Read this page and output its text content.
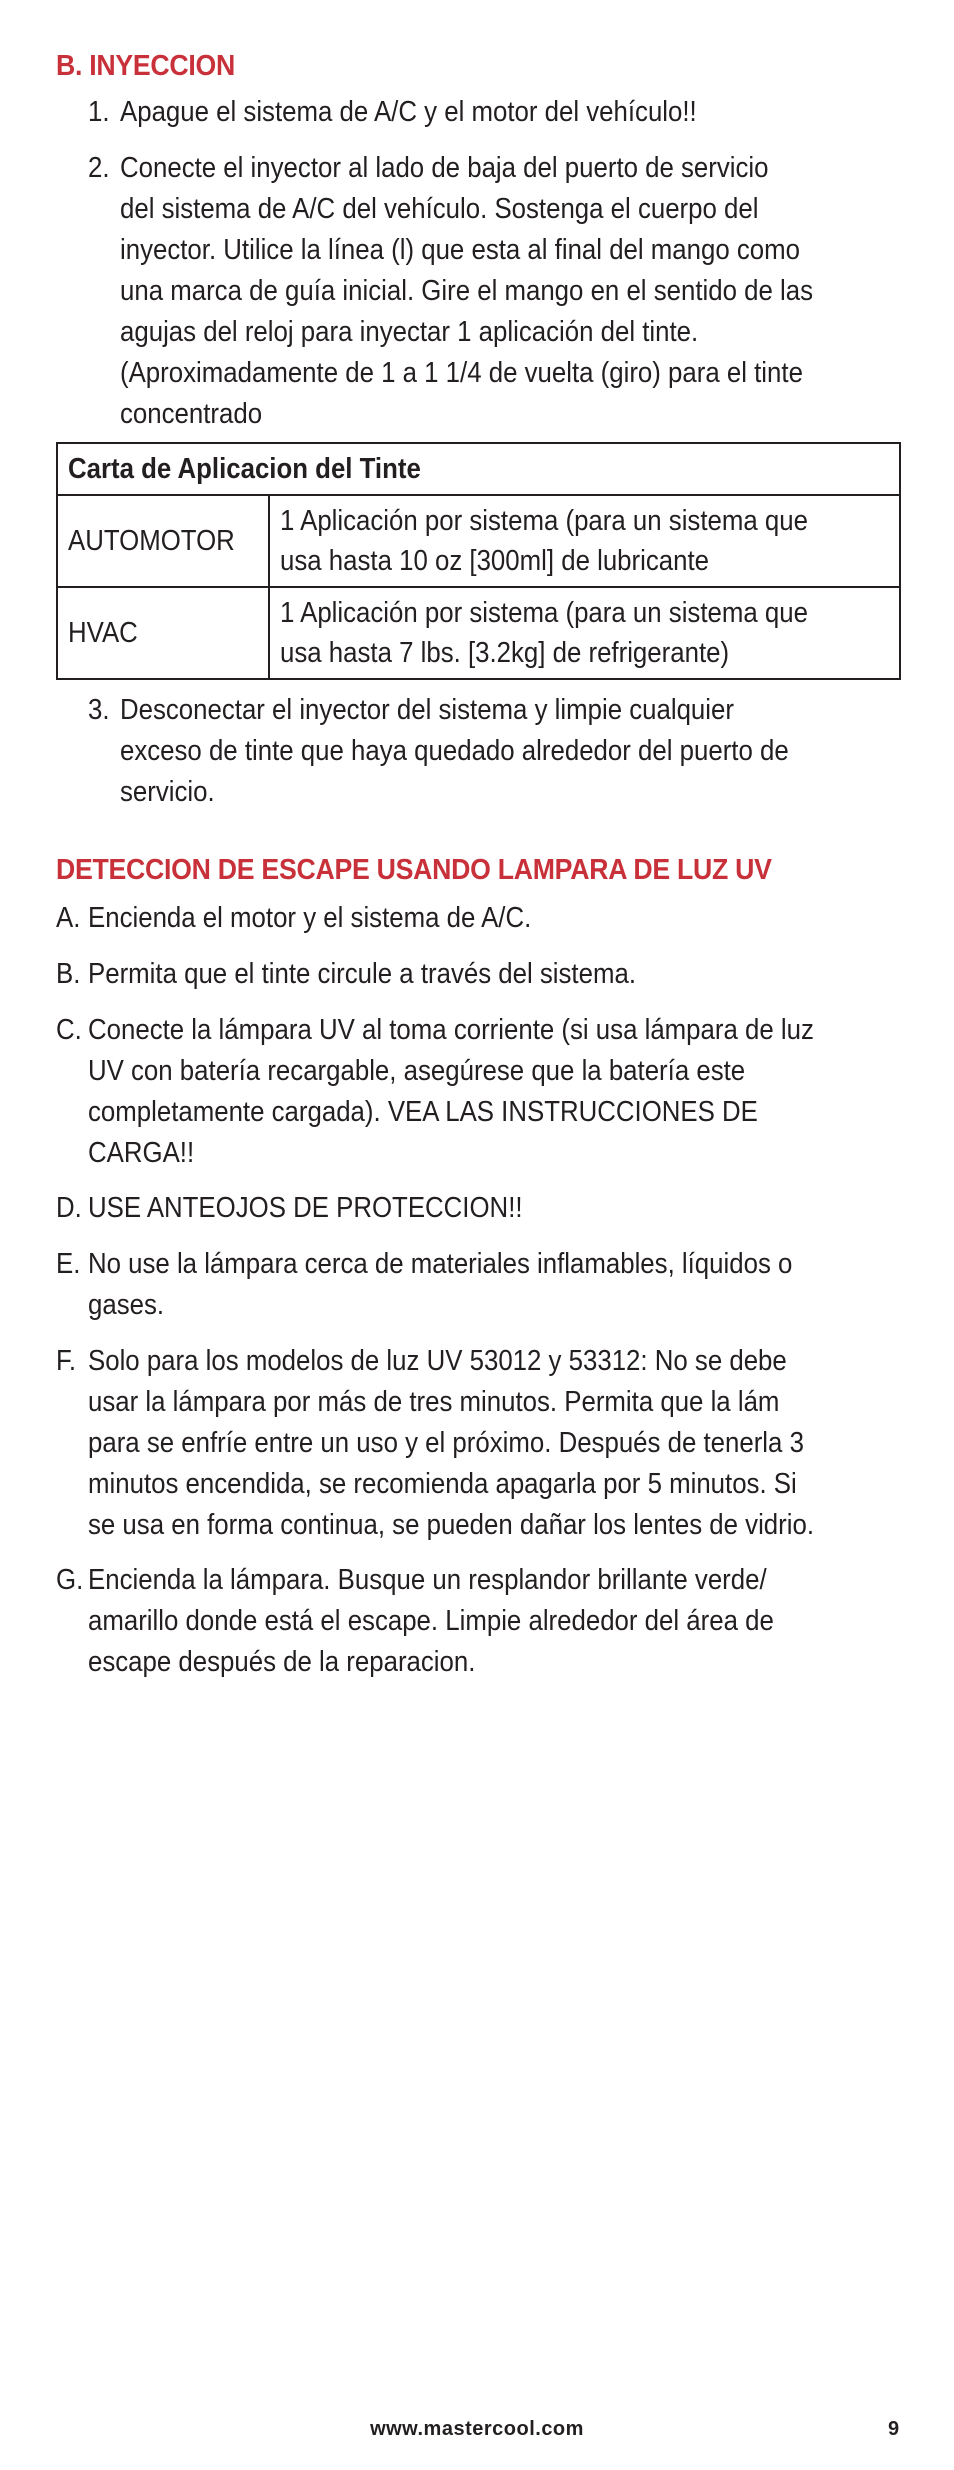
B. INYECCION
1. Apague el sistema de A/C y el motor del vehículo!!
2. Conecte el inyector al lado de baja del puerto de servicio
del sistema de A/C del vehículo. Sostenga el cuerpo del
inyector. Utilice la línea (l) que esta al final del mango como
una marca de guía inicial. Gire el mango en el sentido de las
agujas del reloj para inyectar 1 aplicación del tinte.
(Aproximadamente de 1 a 1 1/4 de vuelta (giro) para el tinte
concentrado
Carta de Aplicacion del Tinte	

AUTOMOTOR	1 Aplicación por sistema (para un sistema que
usa hasta 10 oz [300ml] de lubricante

HVAC	1 Aplicación por sistema (para un sistema que
usa hasta 7 lbs. [3.2kg] de refrigerante)
3. Desconectar el inyector del sistema y limpie cualquier
exceso de tinte que haya quedado alrededor del puerto de
servicio.
DETECCION DE ESCAPE USANDO LAMPARA DE LUZ UV
A. Encienda el motor y el sistema de A/C.
B. Permita que el tinte circule a través del sistema.
C. Conecte la lámpara UV al toma corriente (si usa lámpara de luz
UV con batería recargable, asegúrese que la batería este
completamente cargada). VEA LAS INSTRUCCIONES DE
CARGA!!
D. USE ANTEOJOS DE PROTECCION!!
E. No use la lámpara cerca de materiales inflamables, líquidos o
gases.
F. Solo para los modelos de luz UV 53012 y 53312: No se debe
usar la lámpara por más de tres minutos. Permita que la lám
para se enfríe entre un uso y el próximo. Después de tenerla 3
minutos encendida, se recomienda apagarla por 5 minutos. Si
se usa en forma continua, se pueden dañar los lentes de vidrio.
G. Encienda la lámpara. Busque un resplandor brillante verde/
amarillo donde está el escape. Limpie alrededor del área de
escape después de la reparacion.
www.mastercool.com	9
